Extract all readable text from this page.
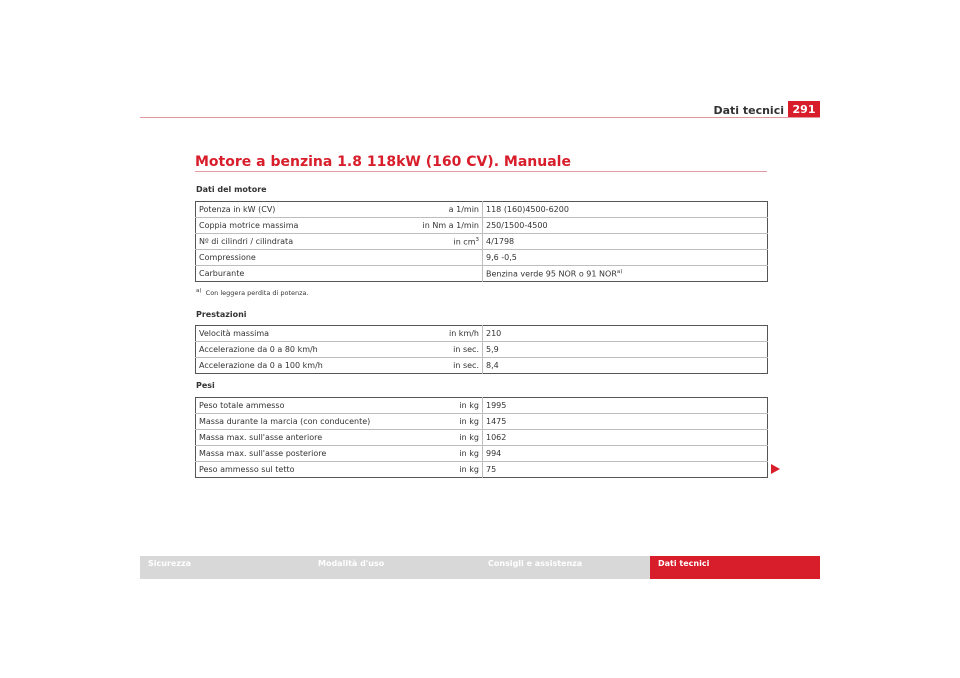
Dati tecnici 291
Motore a benzina 1.8 118kW (160 CV). Manuale
Dati del motore
Potenza in kW (CV)	a 1/min	118 (160)4500-6200
Coppia motrice massima	in Nm a 1/min	250/1500-4500
Nº di cilindri / cilindrata	in $cm^3$	4/1798
Compressione		9,6 -0,5
Carburante		Benzina verde 95 NOR o 91 NOR$^{a)}$
$^{a)}$ Con leggera perdita di potenza.
Prestazioni
Velocità massima	in km/h	210
Accelerazione da 0 a 80 km/h	in sec.	5,9
Accelerazione da 0 a 100 km/h	in sec.	8,4
Pesi
Peso totale ammesso	in kg	1995
Massa durante la marcia (con conducente)	in kg	1475
Massa max. sull'asse anteriore	in kg	1062
Massa max. sull'asse posteriore	in kg	994
Peso ammesso sul tetto	in kg	75
Sicurezza	Modalità d'uso	Consigli e assistenza	Dati tecnici
